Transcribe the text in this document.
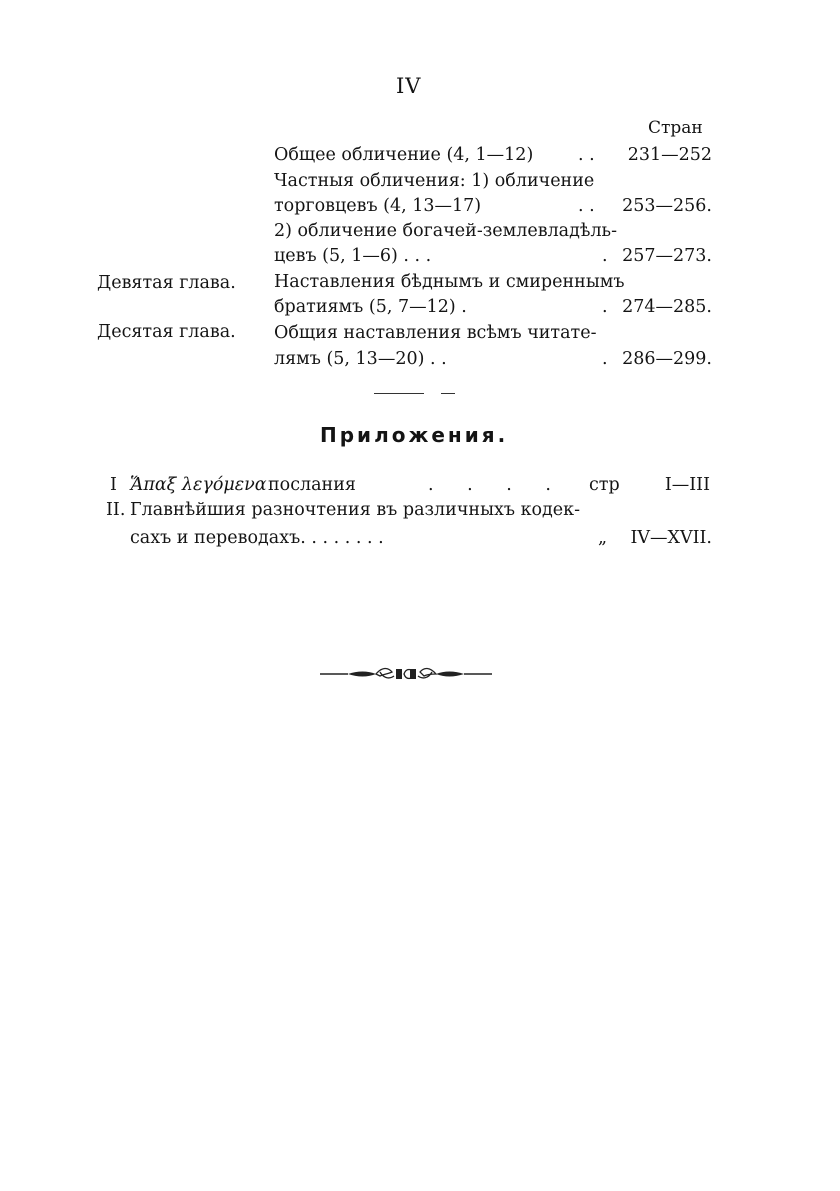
IV
Стран
Общее обличение (4, 1—12)	. .	231—252
Частныя обличения: 1) обличение
торговцевъ (4, 13—17)	. . 253—256.
2) обличение богачей-землевладѣль-
цевъ (5, 1—6) . . .	. 257—273.
Девятая глава. Наставления бѣднымъ и смиреннымъ
братиямъ (5, 7—12) .	. 274—285.
Десятая глава. Общия наставления всѣмъ читате-
лямъ (5, 13—20) . .	. 286—299.
Приложения.
I Ἅπαξ λεγόμενα послания	. . . . стр	I—III
II. Главнѣйшия разночтения въ различныхъ кодек-
сахъ и переводахъ. . . . . . . .	„	IV—XVII.
